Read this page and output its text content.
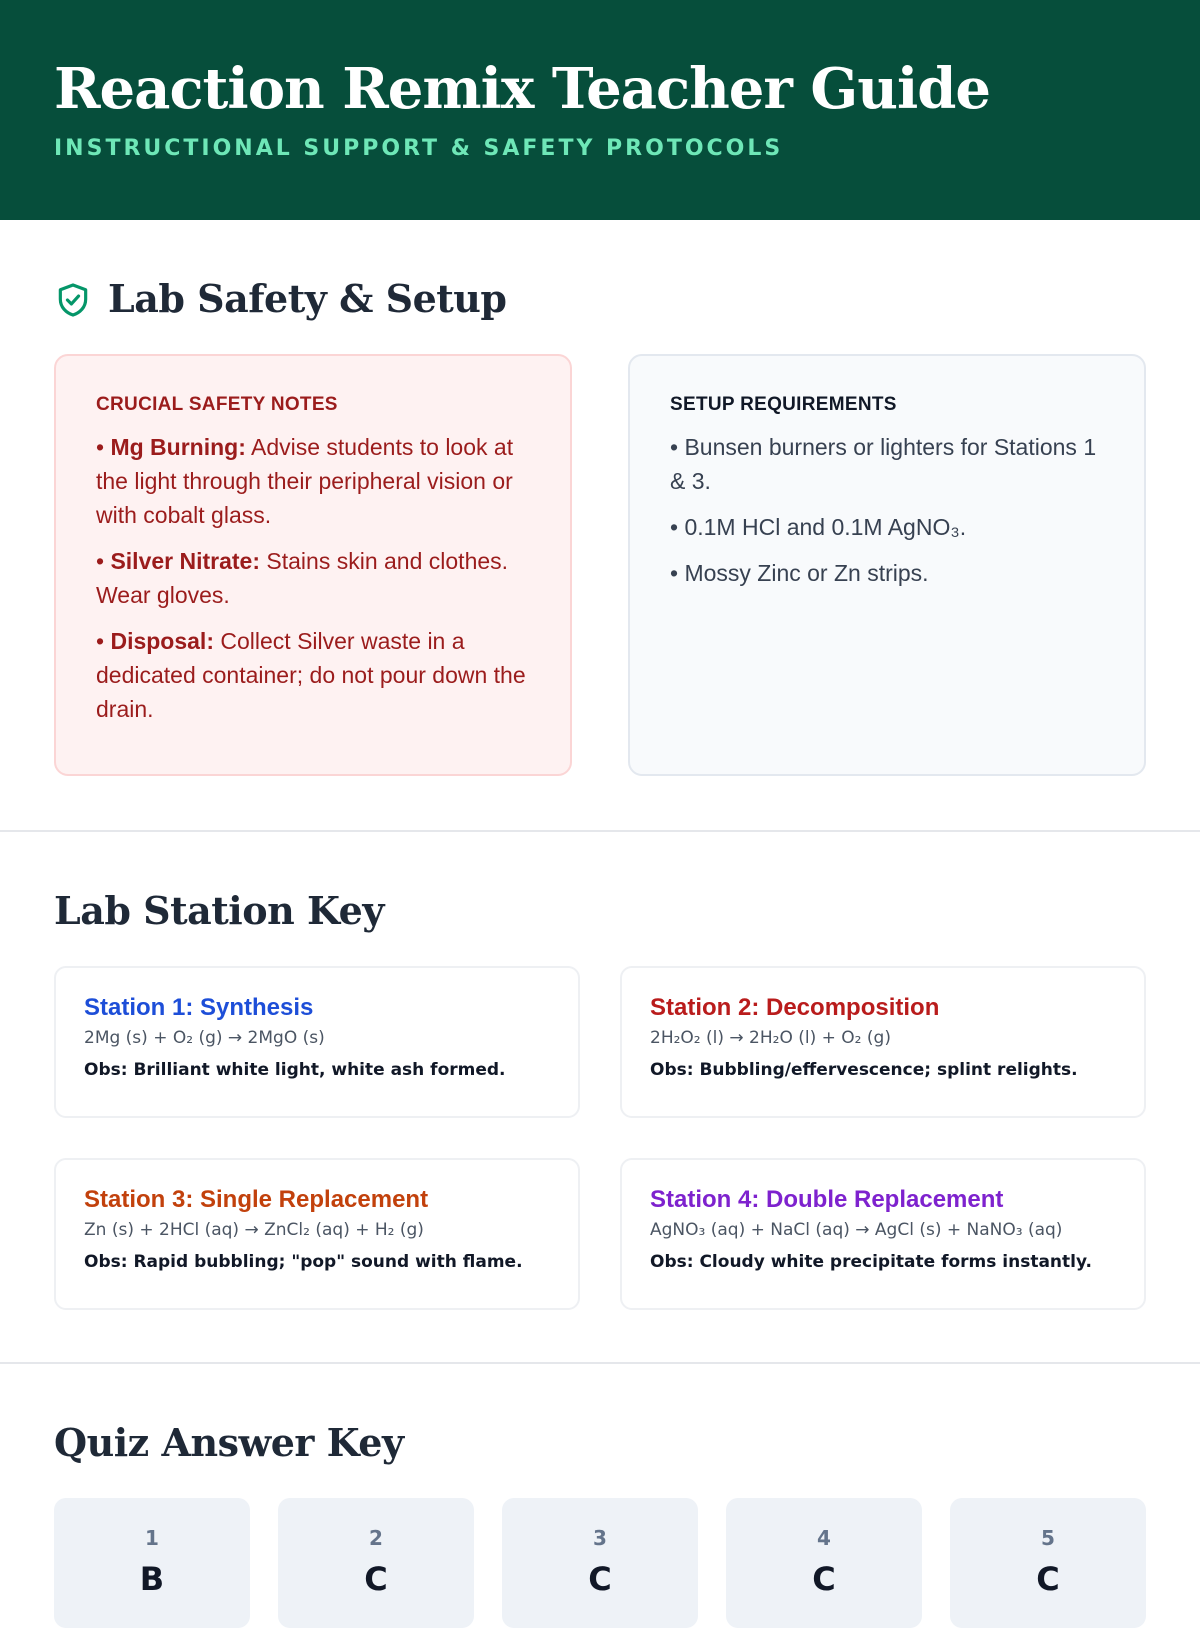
Reaction Remix Teacher Guide
INSTRUCTIONAL SUPPORT & SAFETY PROTOCOLS
Lab Safety & Setup
CRUCIAL SAFETY NOTES
• Mg Burning: Advise students to look at the light through their peripheral vision or with cobalt glass.
• Silver Nitrate: Stains skin and clothes. Wear gloves.
• Disposal: Collect Silver waste in a dedicated container; do not pour down the drain.
SETUP REQUIREMENTS
• Bunsen burners or lighters for Stations 1 & 3.
• 0.1M HCl and 0.1M AgNO₃.
• Mossy Zinc or Zn strips.
Lab Station Key
Station 1: Synthesis
2Mg (s) + O₂ (g) → 2MgO (s)
Obs: Brilliant white light, white ash formed.
Station 2: Decomposition
2H₂O₂ (l) → 2H₂O (l) + O₂ (g)
Obs: Bubbling/effervescence; splint relights.
Station 3: Single Replacement
Zn (s) + 2HCl (aq) → ZnCl₂ (aq) + H₂ (g)
Obs: Rapid bubbling; "pop" sound with flame.
Station 4: Double Replacement
AgNO₃ (aq) + NaCl (aq) → AgCl (s) + NaNO₃ (aq)
Obs: Cloudy white precipitate forms instantly.
Quiz Answer Key
1
B
2
C
3
C
4
C
5
C
